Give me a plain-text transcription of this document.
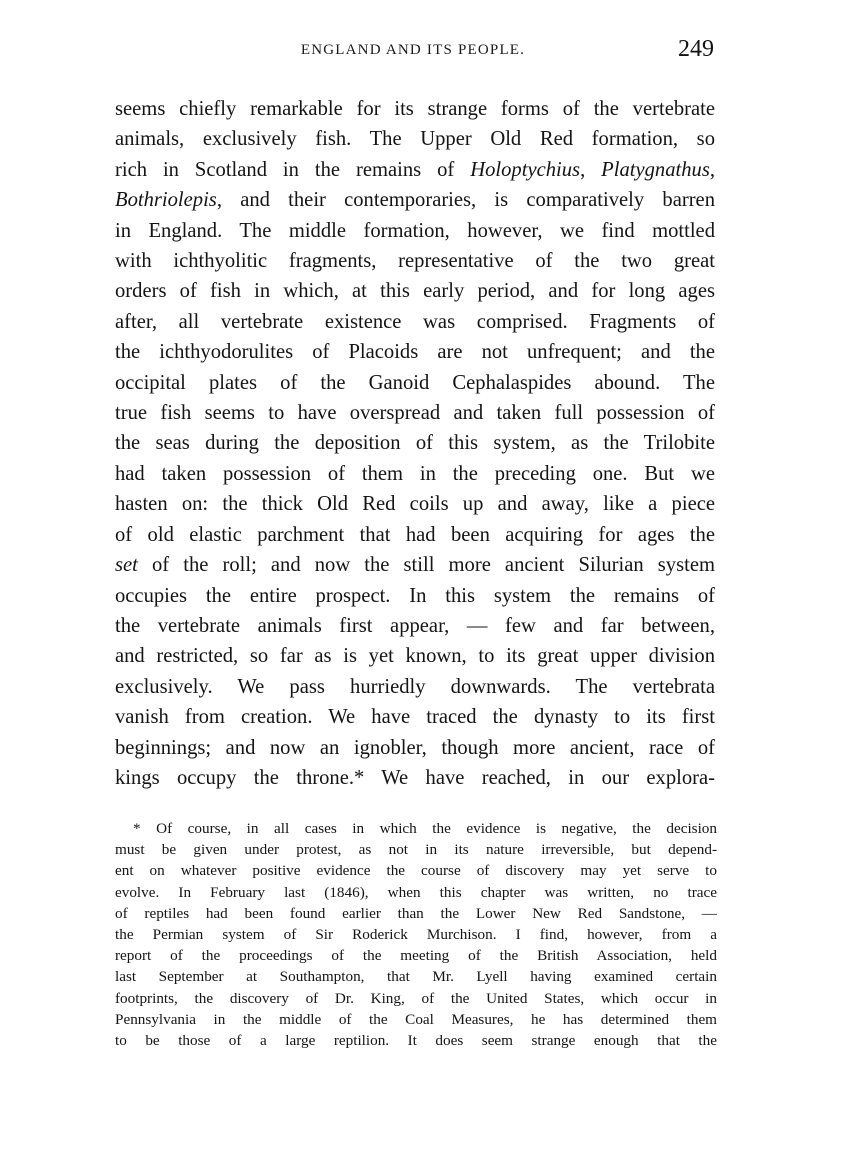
ENGLAND AND ITS PEOPLE.	249
seems chiefly remarkable for its strange forms of the vertebrate
animals, exclusively fish. The Upper Old Red formation, so
rich in Scotland in the remains of Holoptychius, Platygnathus,
Bothriolepis, and their contemporaries, is comparatively barren
in England. The middle formation, however, we find mottled
with ichthyolitic fragments, representative of the two great
orders of fish in which, at this early period, and for long ages
after, all vertebrate existence was comprised. Fragments of
the ichthyodorulites of Placoids are not unfrequent; and the
occipital plates of the Ganoid Cephalaspides abound. The
true fish seems to have overspread and taken full possession of
the seas during the deposition of this system, as the Trilobite
had taken possession of them in the preceding one. But we
hasten on: the thick Old Red coils up and away, like a piece
of old elastic parchment that had been acquiring for ages the
set of the roll; and now the still more ancient Silurian system
occupies the entire prospect. In this system the remains of
the vertebrate animals first appear, — few and far between,
and restricted, so far as is yet known, to its great upper division
exclusively. We pass hurriedly downwards. The vertebrata
vanish from creation. We have traced the dynasty to its first
beginnings; and now an ignobler, though more ancient, race of
kings occupy the throne.* We have reached, in our explora-
* Of course, in all cases in which the evidence is negative, the decision
must be given under protest, as not in its nature irreversible, but depend-
ent on whatever positive evidence the course of discovery may yet serve to
evolve. In February last (1846), when this chapter was written, no trace
of reptiles had been found earlier than the Lower New Red Sandstone, —
the Permian system of Sir Roderick Murchison. I find, however, from a
report of the proceedings of the meeting of the British Association, held
last September at Southampton, that Mr. Lyell having examined certain
footprints, the discovery of Dr. King, of the United States, which occur in
Pennsylvania in the middle of the Coal Measures, he has determined them
to be those of a large reptilion. It does seem strange enough that the
